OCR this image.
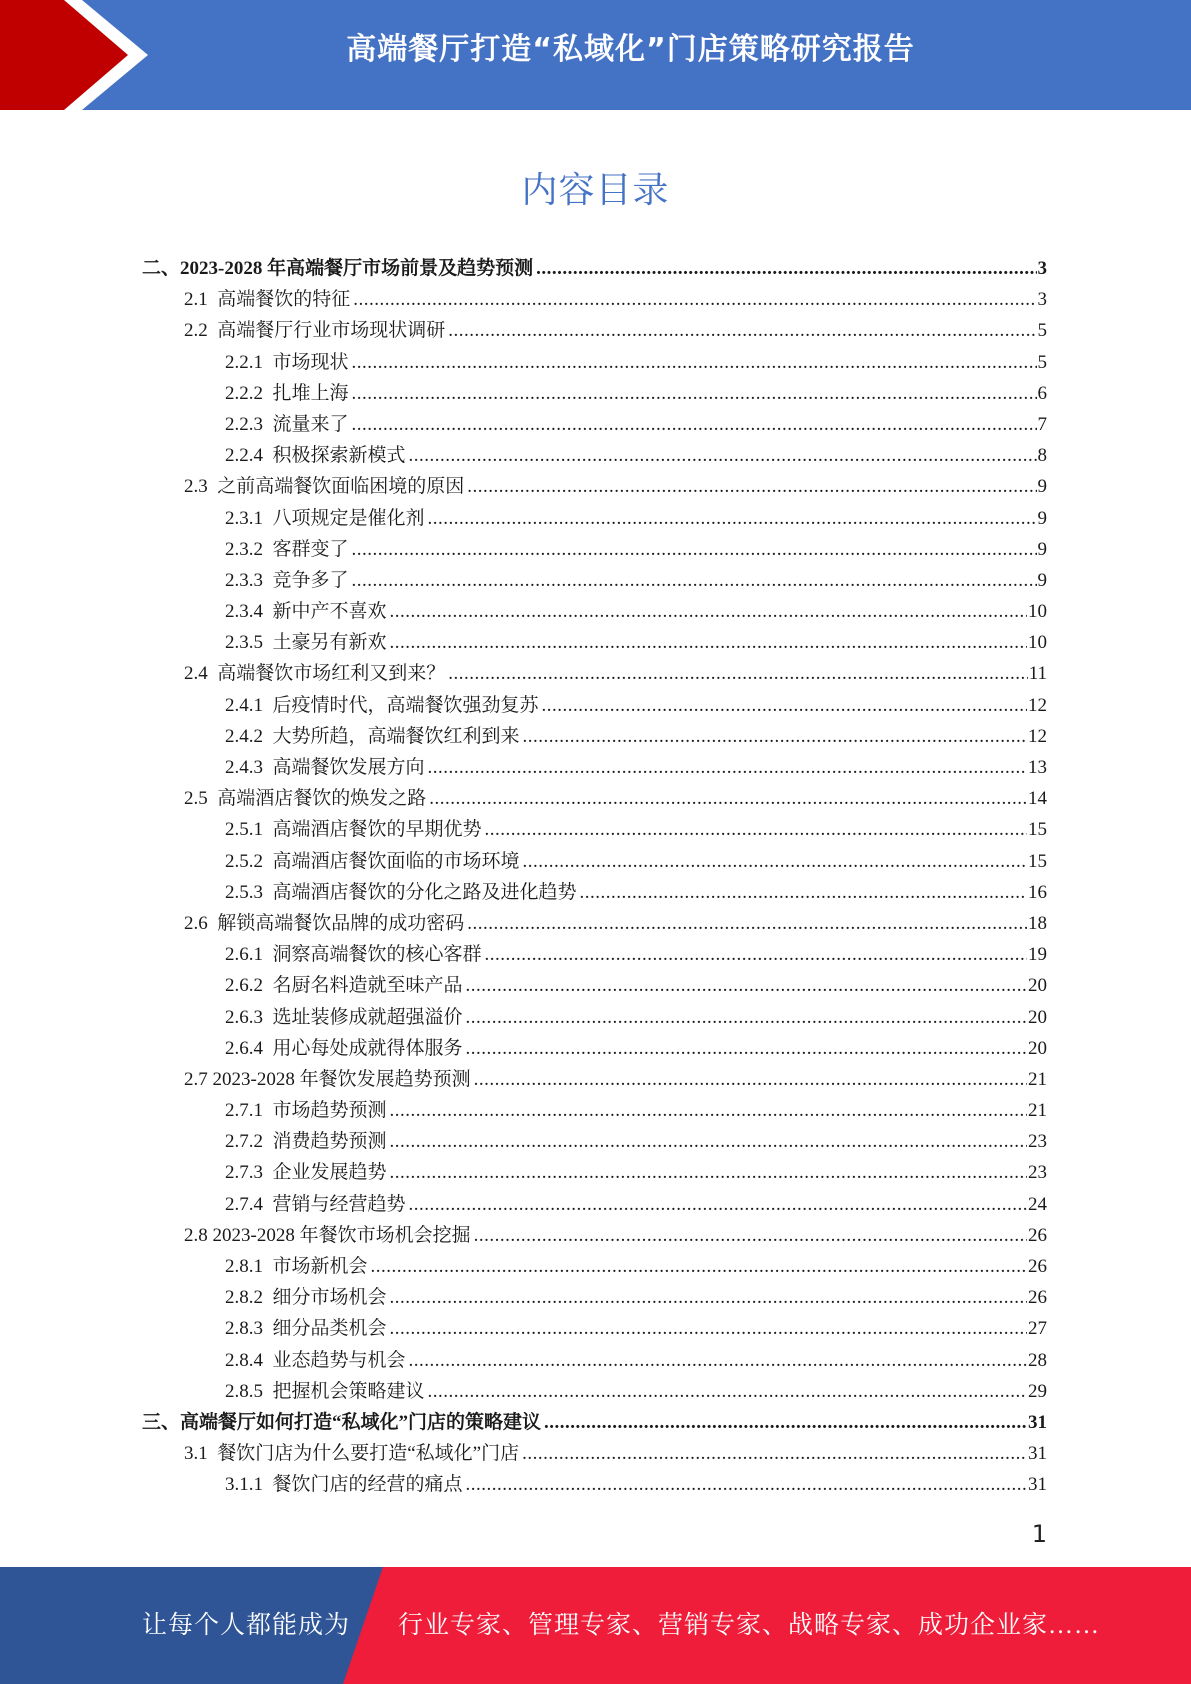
高端餐厅打造“私域化”门店策略研究报告
内容目录
二、 2023-2028 年高端餐厅市场前景及趋势预测 .....	3
2.1 高端餐饮的特征 .....	3
2.2 高端餐厅行业市场现状调研 .....	5
2.2.1 市场现状 .....	5
2.2.2 扎堆上海 .....	6
2.2.3 流量来了 .....	7
2.2.4 积极探索新模式 .....	8
2.3 之前高端餐饮面临困境的原因 .....	9
2.3.1 八项规定是催化剂 .....	9
2.3.2 客群变了 .....	9
2.3.3 竞争多了 .....	9
2.3.4 新中产不喜欢 .....	10
2.3.5 土豪另有新欢 .....	10
2.4 高端餐饮市场红利又到来？ .....	11
2.4.1 后疫情时代，高端餐饮强劲复苏 .....	12
2.4.2 大势所趋，高端餐饮红利到来 .....	12
2.4.3 高端餐饮发展方向 .....	13
2.5 高端酒店餐饮的焕发之路 .....	14
2.5.1 高端酒店餐饮的早期优势 .....	15
2.5.2 高端酒店餐饮面临的市场环境 .....	15
2.5.3 高端酒店餐饮的分化之路及进化趋势 .....	16
2.6 解锁高端餐饮品牌的成功密码 .....	18
2.6.1 洞察高端餐饮的核心客群 .....	19
2.6.2 名厨名料造就至味产品 .....	20
2.6.3 选址装修成就超强溢价 .....	20
2.6.4 用心每处成就得体服务 .....	20
2.7 2023-2028 年餐饮发展趋势预测 .....	21
2.7.1 市场趋势预测 .....	21
2.7.2 消费趋势预测 .....	23
2.7.3 企业发展趋势 .....	23
2.7.4 营销与经营趋势 .....	24
2.8 2023-2028 年餐饮市场机会挖掘 .....	26
2.8.1 市场新机会 .....	26
2.8.2 细分市场机会 .....	26
2.8.3 细分品类机会 .....	27
2.8.4 业态趋势与机会 .....	28
2.8.5 把握机会策略建议 .....	29
三、 高端餐厅如何打造“私域化”门店的策略建议 .....	31
3.1 餐饮门店为什么要打造“私域化”门店 .....	31
3.1.1 餐饮门店的经营的痛点 .....	31
1
让每个人都能成为 行业专家、管理专家、营销专家、战略专家、成功企业家……
